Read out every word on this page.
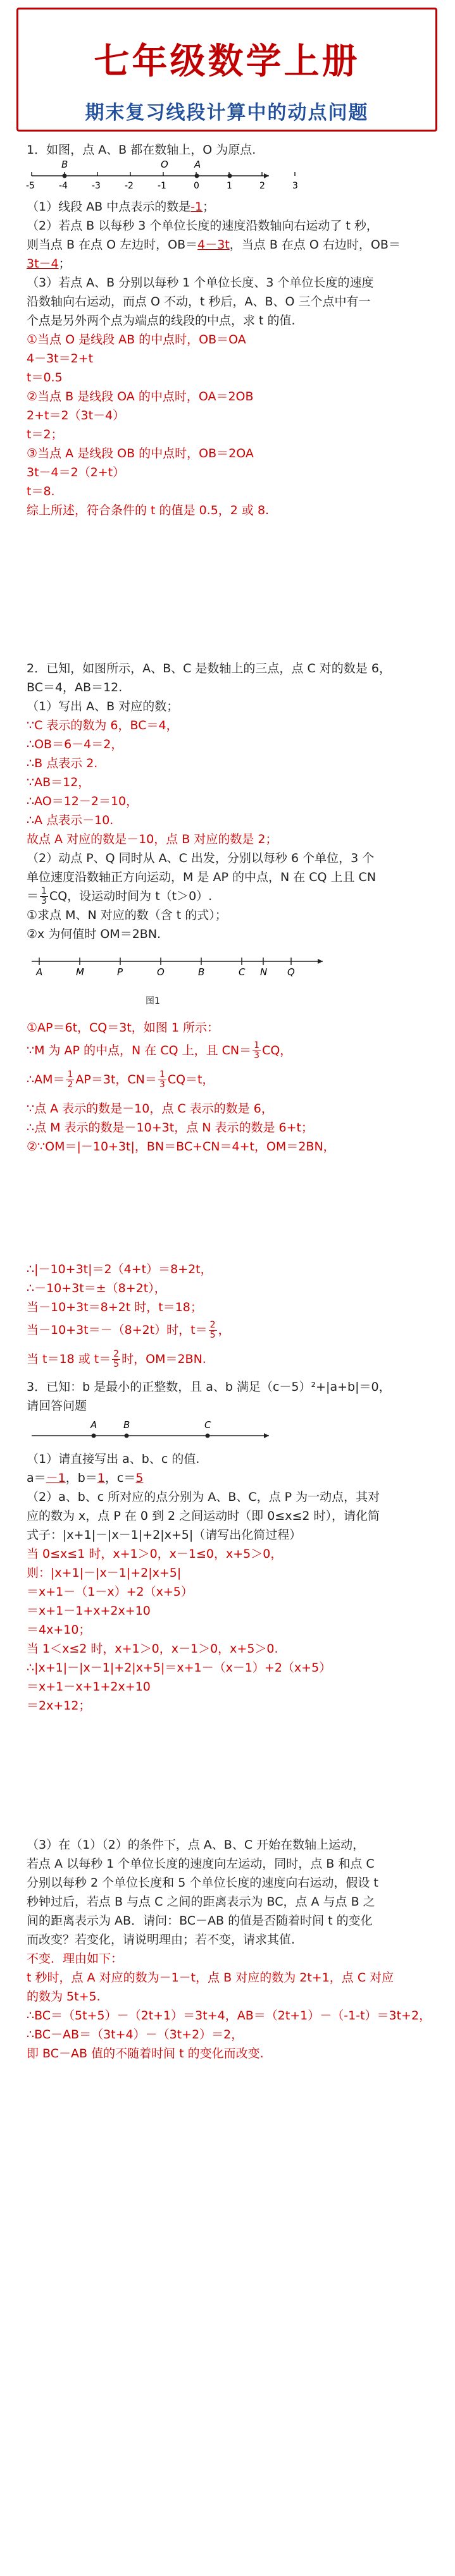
七年级数学上册
期末复习线段计算中的动点问题
1．如图，点 A、B 都在数轴上，O 为原点.
-5	-4	-3	-2	-1	0	1	2	3
B	O	A
（1）线段 AB 中点表示的数是-1；
（2）若点 B 以每秒 3 个单位长度的速度沿数轴向右运动了 t 秒，
则当点 B 在点 O 左边时，OB＝4－3t，当点 B 在点 O 右边时，OB＝
3t－4；
（3）若点 A、B 分别以每秒 1 个单位长度、3 个单位长度的速度
沿数轴向右运动，而点 O 不动，t 秒后，A、B、O 三个点中有一
个点是另外两个点为端点的线段的中点，求 t 的值.
①当点 O 是线段 AB 的中点时，OB＝OA
4－3t＝2+t
t＝0.5
②当点 B 是线段 OA 的中点时，OA＝2OB
2+t＝2（3t－4）
t＝2；
③当点 A 是线段 OB 的中点时，OB＝2OA
3t－4＝2（2+t）
t＝8.
综上所述，符合条件的 t 的值是 0.5，2 或 8.
2．已知，如图所示，A、B、C 是数轴上的三点，点 C 对的数是 6，
BC＝4，AB＝12.
（1）写出 A、B 对应的数；
∵C 表示的数为 6，BC＝4，
∴OB＝6－4＝2，
∴B 点表示 2.
∵AB＝12，
∴AO＝12－2＝10，
∴A 点表示－10.
故点 A 对应的数是－10，点 B 对应的数是 2；
（2）动点 P、Q 同时从 A、C 出发，分别以每秒 6 个单位，3 个
单位速度沿数轴正方向运动，M 是 AP 的中点，N 在 CQ 上且 CN
＝ $\frac{1}{3}$ CQ，设运动时间为 t（t＞0）.
①求点 M、N 对应的数（含 t 的式）；
②x 为何值时 OM＝2BN.
A	M	P	O	B	C N Q
图1
①AP＝6t，CQ＝3t，如图 1 所示：
∵M 为 AP 的中点，N 在 CQ 上，且 $CN= \frac{1}{3}$ CQ，
∴AM＝ $\frac{1}{2} AP=3t$，$CN= \frac{1}{3} CQ=t$，
∵点 A 表示的数是－10，点 C 表示的数是 6，
∴点 M 表示的数是－10+3t，点 N 表示的数是 6+t；
②∵OM＝|－10+3t|，BN＝BC+CN＝4+t，OM＝2BN，
∴|－10+3t|＝2（4+t）＝8+2t，
∴－10+3t＝±（8+2t），
当－10+3t＝8+2t 时，t＝18；
当－10+3t＝－（8+2t）时，$t= \frac{2}{5}$ ，
当 t＝18 或 $t= \frac{2}{5}$ 时，OM＝2BN.
3．已知：b 是最小的正整数，且 a、b 满足（c－5）²+|a+b|＝0，
请回答问题
A	B	C
（1）请直接写出 a、b、c 的值.
a＝－1，b＝1，c＝5
（2）a、b、c 所对应的点分别为 A、B、C，点 P 为一动点，其对
应的数为 x，点 P 在 0 到 2 之间运动时（即 0≤x≤2 时），请化简
式子：|x+1|－|x－1|+2|x+5|（请写出化简过程）
当 0≤x≤1 时，x+1＞0，x－1≤0，x+5＞0，
则：|x+1|－|x－1|+2|x+5|
＝x+1－（1－x）+2（x+5）
＝x+1－1+x+2x+10
＝4x+10；
当 1＜x≤2 时，x+1＞0，x－1＞0，x+5＞0.
∴|x+1|－|x－1|+2|x+5|＝x+1－（x－1）+2（x+5）
＝x+1－x+1+2x+10
＝2x+12；
（3）在（1）（2）的条件下，点 A、B、C 开始在数轴上运动，
若点 A 以每秒 1 个单位长度的速度向左运动，同时，点 B 和点 C
分别以每秒 2 个单位长度和 5 个单位长度的速度向右运动，假设 t
秒钟过后，若点 B 与点 C 之间的距离表示为 BC，点 A 与点 B 之
间的距离表示为 AB．请问：BC－AB 的值是否随着时间 t 的变化
而改变？若变化，请说明理由；若不变，请求其值.
不变．理由如下：
t 秒时，点 A 对应的数为－1－t，点 B 对应的数为 2t+1，点 C 对应
的数为 5t+5.
∴BC＝（5t+5）－（2t+1）＝3t+4，AB＝（2t+1）－（-1-t）＝3t+2，
∴BC－AB＝（3t+4）－（3t+2）＝2，
即 BC－AB 值的不随着时间 t 的变化而改变.
